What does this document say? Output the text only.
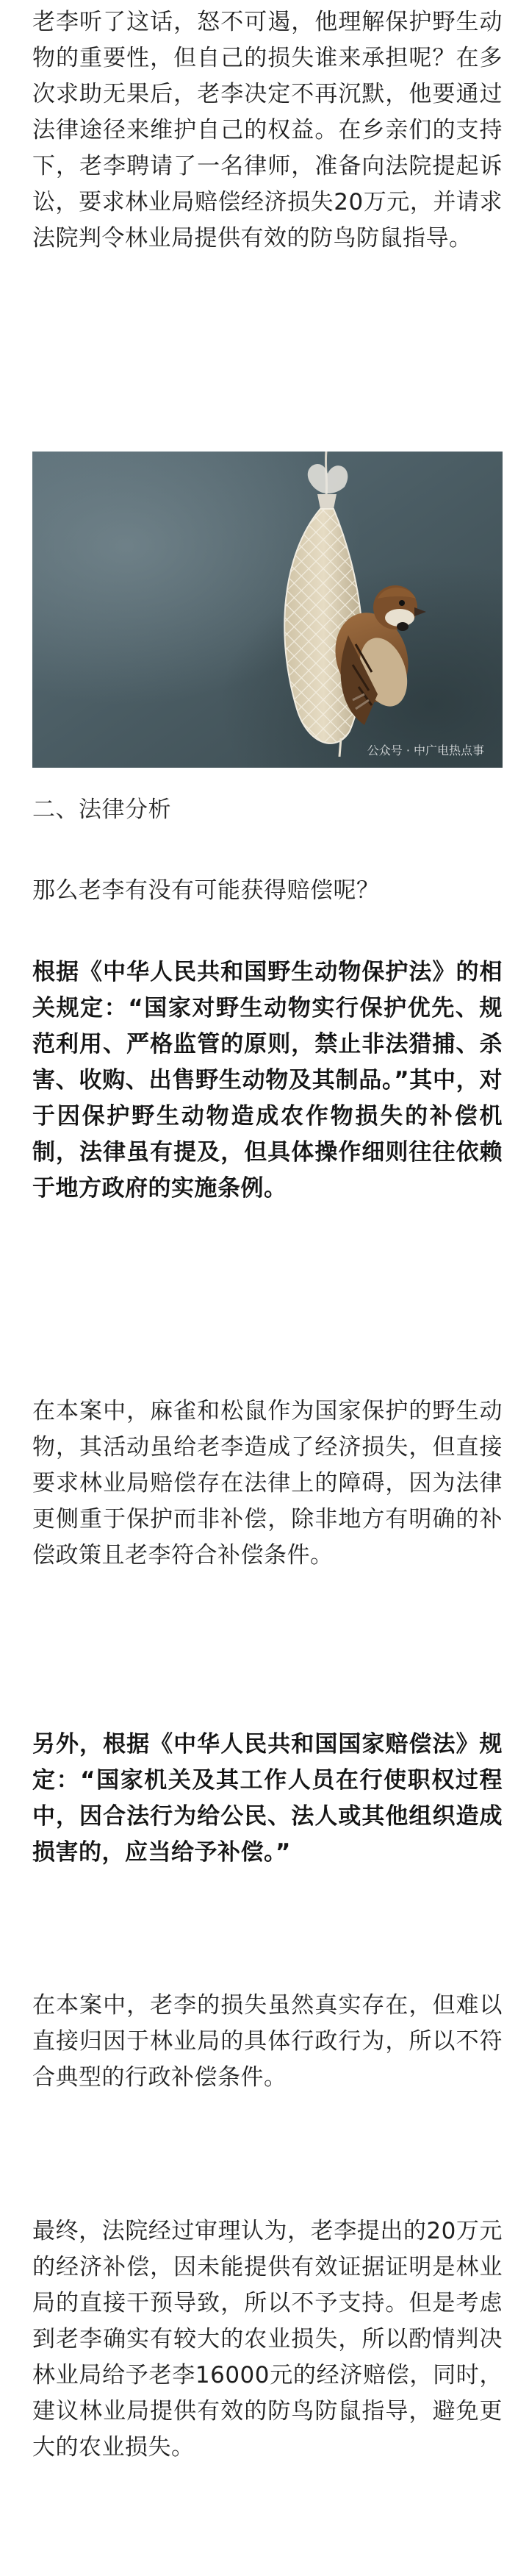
老李听了这话，怒不可遏，他理解保护野生动物的重要性，但自己的损失谁来承担呢？在多次求助无果后，老李决定不再沉默，他要通过法律途径来维护自己的权益。在乡亲们的支持下，老李聘请了一名律师，准备向法院提起诉讼，要求林业局赔偿经济损失20万元，并请求法院判令林业局提供有效的防鸟防鼠指导。

公众号 · 中广电热点事

二、法律分析

那么老李有没有可能获得赔偿呢？

根据《中华人民共和国野生动物保护法》的相关规定：“国家对野生动物实行保护优先、规范利用、严格监管的原则，禁止非法猎捕、杀害、收购、出售野生动物及其制品。”其中，对于因保护野生动物造成农作物损失的补偿机制，法律虽有提及，但具体操作细则往往依赖于地方政府的实施条例。

在本案中，麻雀和松鼠作为国家保护的野生动物，其活动虽给老李造成了经济损失，但直接要求林业局赔偿存在法律上的障碍，因为法律更侧重于保护而非补偿，除非地方有明确的补偿政策且老李符合补偿条件。

另外，根据《中华人民共和国国家赔偿法》规定：“国家机关及其工作人员在行使职权过程中，因合法行为给公民、法人或其他组织造成损害的，应当给予补偿。”

在本案中，老李的损失虽然真实存在，但难以直接归因于林业局的具体行政行为，所以不符合典型的行政补偿条件。

最终，法院经过审理认为，老李提出的20万元的经济补偿，因未能提供有效证据证明是林业局的直接干预导致，所以不予支持。但是考虑到老李确实有较大的农业损失，所以酌情判决林业局给予老李16000元的经济赔偿，同时，建议林业局提供有效的防鸟防鼠指导，避免更大的农业损失。
